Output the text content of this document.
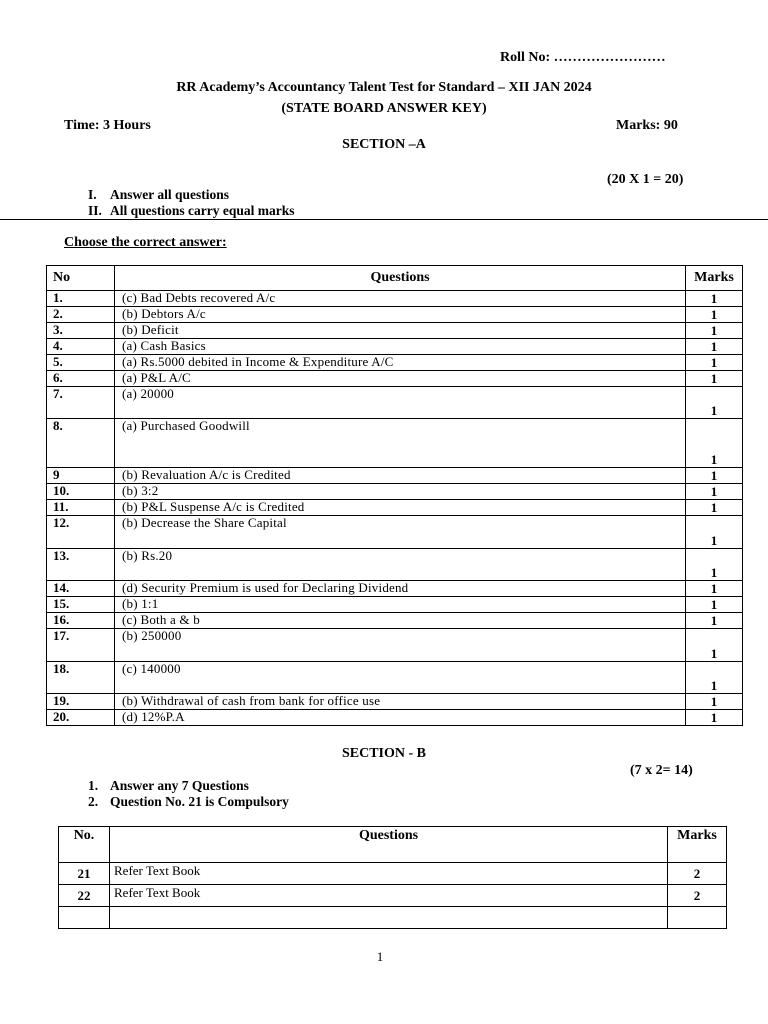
Roll No: ……………………
RR Academy’s Accountancy Talent Test for Standard – XII JAN 2024
(STATE BOARD ANSWER KEY)
Time: 3 Hours	Marks: 90
SECTION –A
(20 X 1 = 20)
I. Answer all questions
II. All questions carry equal marks
Choose the correct answer:
No	Questions	Marks
1.	(c) Bad Debts recovered A/c	1
2.	(b) Debtors A/c	1
3.	(b) Deficit	1
4.	(a) Cash Basics	1
5.	(a) Rs.5000 debited in Income & Expenditure A/C	1
6.	(a) P&L A/C	1
7.	(a) 20000	1
8.	(a) Purchased Goodwill	1
9	(b) Revaluation A/c is Credited	1
10.	(b) 3:2	1
11.	(b) P&L Suspense A/c is Credited	1
12.	(b) Decrease the Share Capital	1
13.	(b) Rs.20	1
14.	(d) Security Premium is used for Declaring Dividend	1
15.	(b) 1:1	1
16.	(c) Both a & b	1
17.	(b) 250000	1
18.	(c) 140000	1
19.	(b) Withdrawal of cash from bank for office use	1
20.	(d) 12%P.A	1
SECTION - B
(7 x 2= 14)
1. Answer any 7 Questions
2. Question No. 21 is Compulsory
No.	Questions	Marks
21	Refer Text Book	2
22	Refer Text Book	2

1
